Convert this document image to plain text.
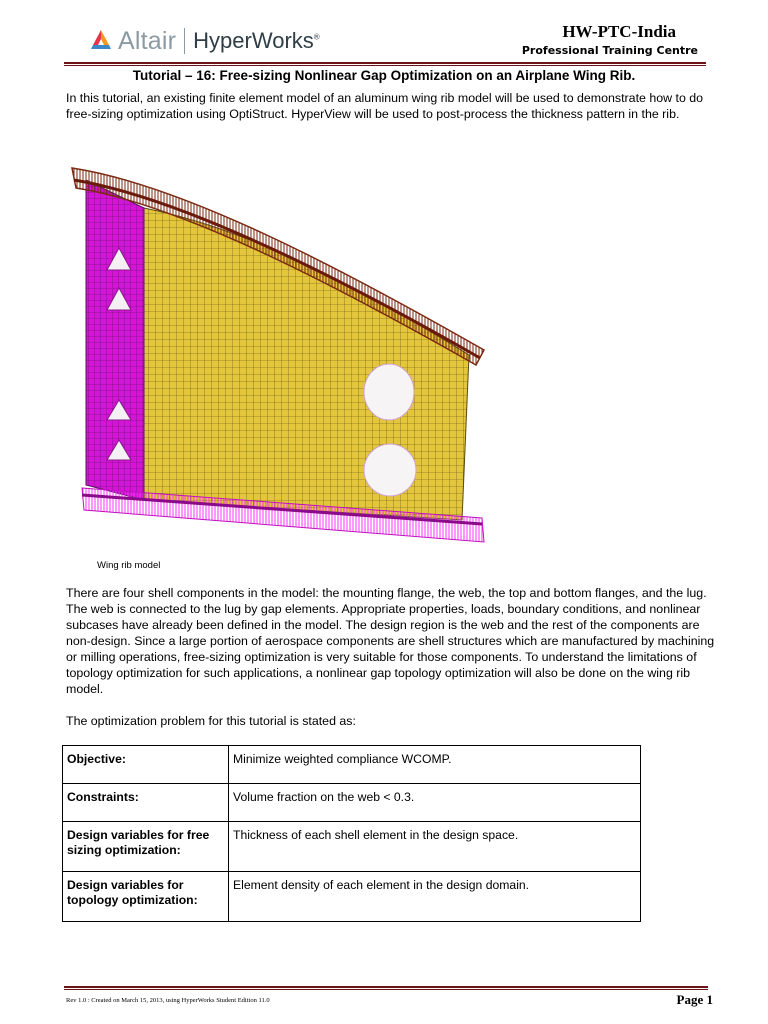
Altair HyperWorks®	HW-PTC-India
Professional Training Centre
Tutorial – 16: Free-sizing Nonlinear Gap Optimization on an Airplane Wing Rib.
In this tutorial, an existing finite element model of an aluminum wing rib model will be used to demonstrate how to do free-sizing optimization using OptiStruct. HyperView will be used to post-process the thickness pattern in the rib.
Wing rib model
There are four shell components in the model: the mounting flange, the web, the top and bottom flanges, and the lug. The web is connected to the lug by gap elements. Appropriate properties, loads, boundary conditions, and nonlinear subcases have already been defined in the model. The design region is the web and the rest of the components are non-design. Since a large portion of aerospace components are shell structures which are manufactured by machining or milling operations, free-sizing optimization is very suitable for those components. To understand the limitations of topology optimization for such applications, a nonlinear gap topology optimization will also be done on the wing rib model.
The optimization problem for this tutorial is stated as:
Objective:	Minimize weighted compliance WCOMP.
Constraints:	Volume fraction on the web < 0.3.
Design variables for free sizing optimization:	Thickness of each shell element in the design space.
Design variables for topology optimization:	Element density of each element in the design domain.
Rev 1.0 : Created on March 15, 2013, using HyperWorks Student Edition 11.0	Page 1
